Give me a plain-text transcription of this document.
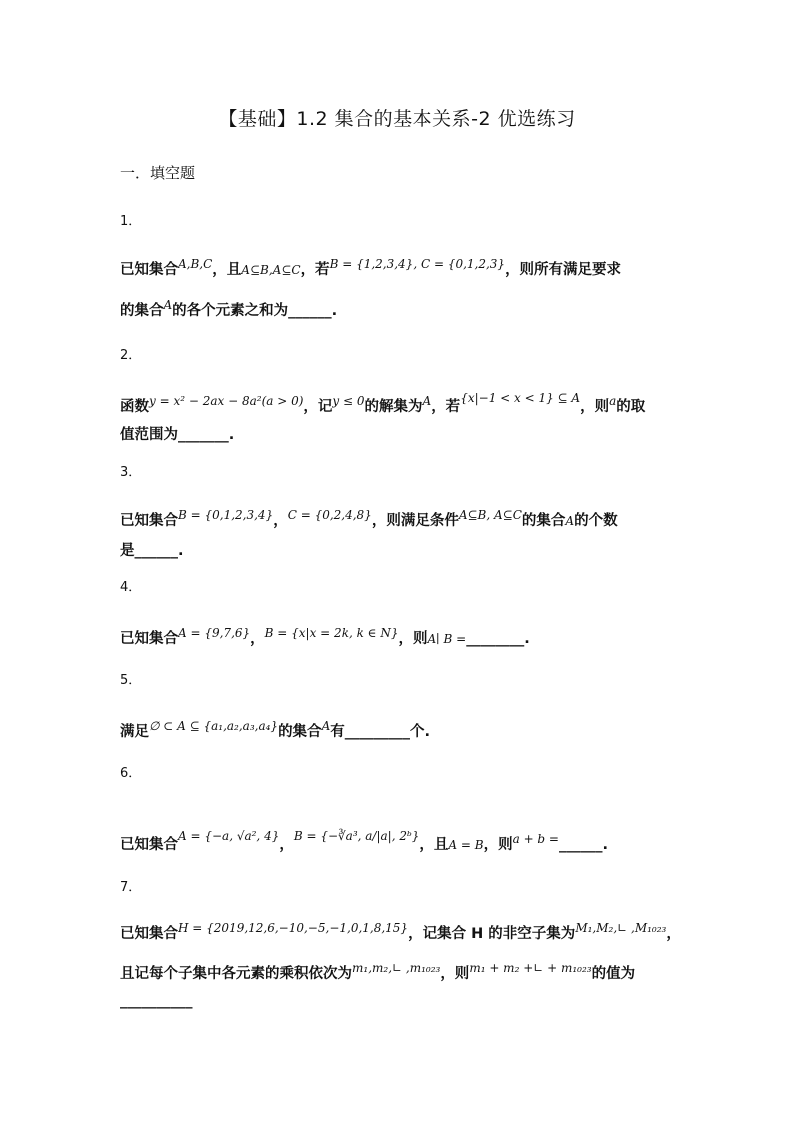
【基础】1.2 集合的基本关系-2 优选练习
一．填空题
1．
已知集合$^{A,B,C}$，且A⊆B,A⊆C，若$^{B = \{1,2,3,4\}, C = \{0,1,2,3\}}$，则所有满足要求
的集合$^A$的各个元素之和为______.
2．
函数$^{y = x^2 - 2ax - 8a^2(a > 0)}$，记$^{y \le 0}$的解集为$^A$，若$^{\{x|-1 < x < 1\} ⊆ A}$，则$^a$的取
值范围为_______.
3．
已知集合$^{B = \{0,1,2,3,4\}}$，$^{C = \{0,2,4,8\}}$，则满足条件$^{A⊆B, A⊆C}$的集合A的个数
是______.
4．
已知集合$^{A = \{9,7,6\}}$，$^{B = \{x|x = 2k, k \in N\}}$，则A∣ B =________.
5．
满足$^{\emptyset \subset A ⊆ \{a_1,a_2,a_3,a_4\}}$的集合$^A$有_________个.
6．
已知集合$^{A = \{-a, √a^2, 4\}}$，$^{B = \{-∛a^3, a/|a|, 2ᵇ\}}$，且A = B，则$^{a + b =}$______.
7．
已知集合$^{H = \{2019,12,6,-10,-5,-1,0,1,8,15\}}$，记集合 H 的非空子集为$^{M_1,M_2,∟ ,M_{1023}}$，
且记每个子集中各元素的乘积依次为$^{m_1,m_2,∟ ,m_{1023}}$，则$^{m_1 + m_2 +∟ + m_{1023}}$的值为
__________
